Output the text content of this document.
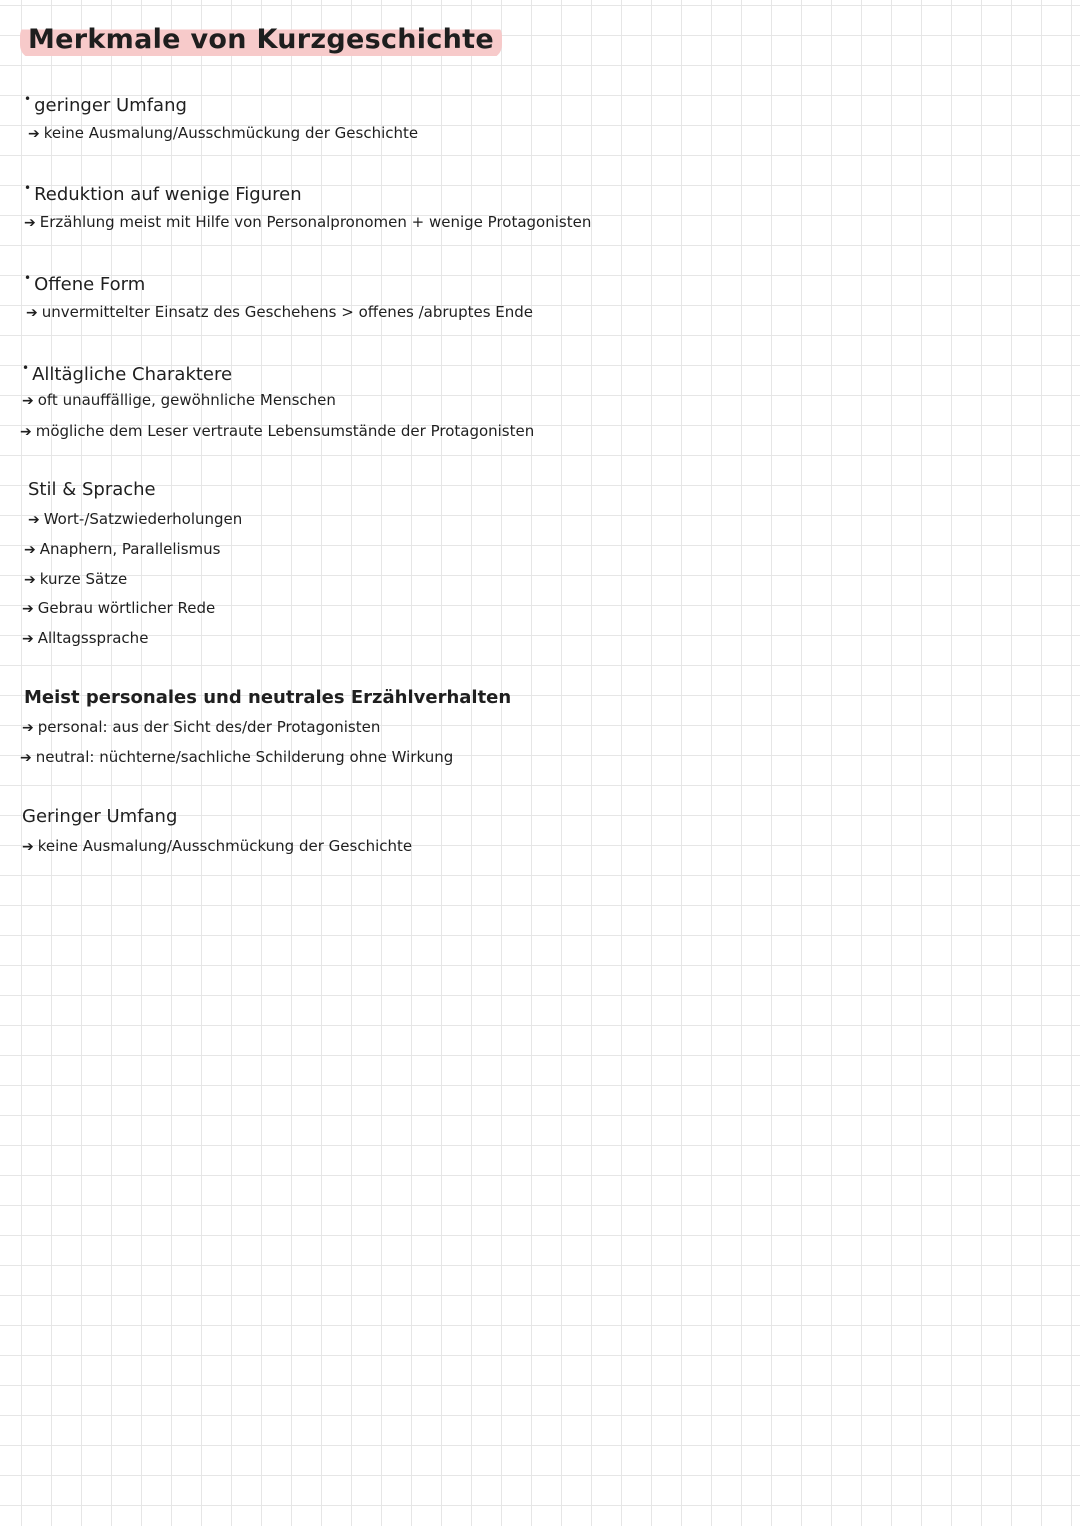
Merkmale von Kurzgeschichte
• geringer Umfang
➔ keine Ausmalung/Ausschmückung der Geschichte
• Reduktion auf wenige Figuren
➔ Erzählung meist mit Hilfe von Personalpronomen + wenige Protagonisten
• Offene Form
➔ unvermittelter Einsatz des Geschehens > offenes /abruptes Ende
• Alltägliche Charaktere
➔ oft unauffällige, gewöhnliche Menschen
➔ mögliche dem Leser vertraute Lebensumstände der Protagonisten
Stil & Sprache
➔ Wort-/Satzwiederholungen
➔ Anaphern, Parallelismus
➔ kurze Sätze
➔ Gebrau wörtlicher Rede
➔ Alltagssprache
Meist personales und neutrales Erzählverhalten
➔ personal: aus der Sicht des/der Protagonisten
➔ neutral: nüchterne/sachliche Schilderung ohne Wirkung
Geringer Umfang
➔ keine Ausmalung/Ausschmückung der Geschichte
